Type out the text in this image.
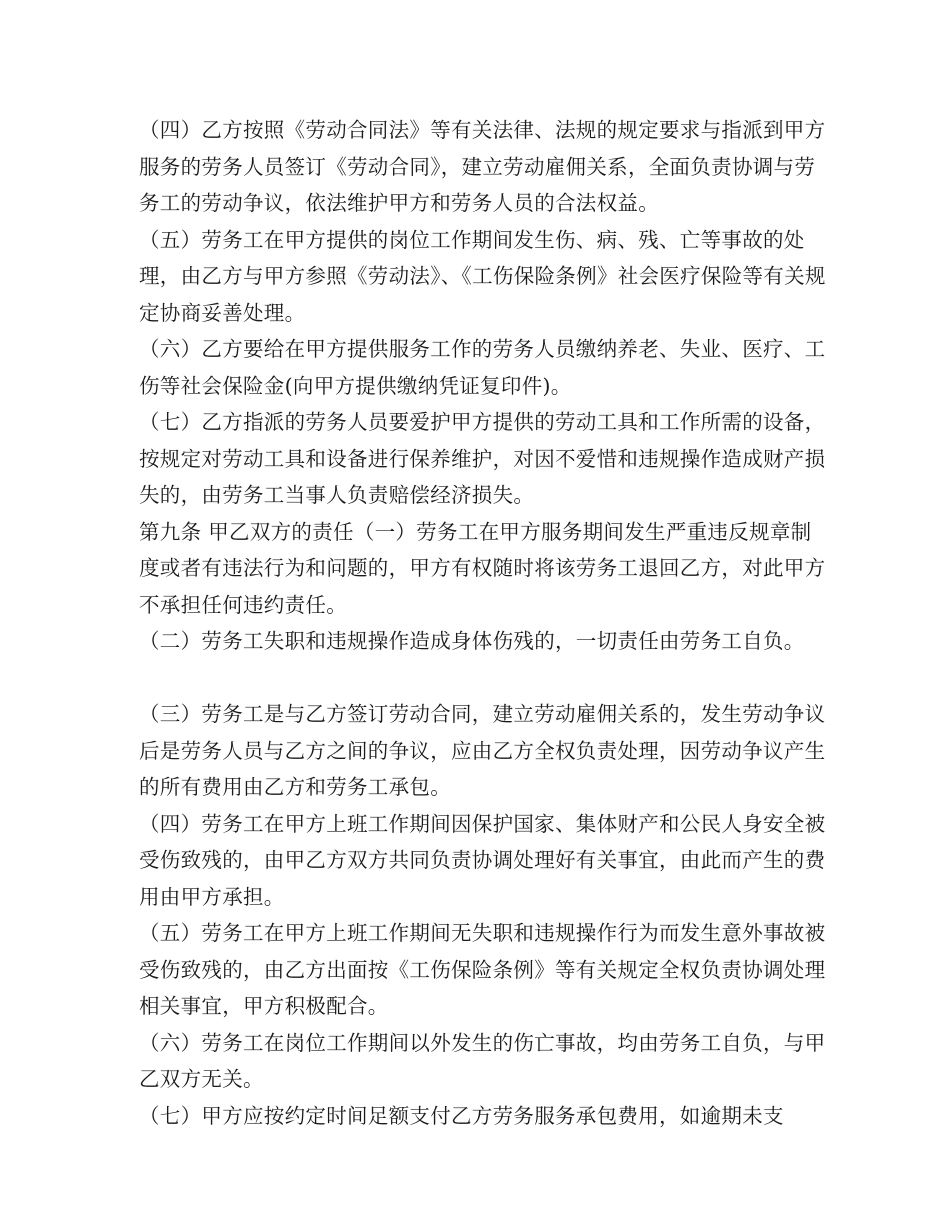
（四）乙方按照《劳动合同法》等有关法律、法规的规定要求与指派到甲方服务的劳务人员签订《劳动合同》，建立劳动雇佣关系，全面负责协调与劳务工的劳动争议，依法维护甲方和劳务人员的合法权益。

（五）劳务工在甲方提供的岗位工作期间发生伤、病、残、亡等事故的处理，由乙方与甲方参照《劳动法》、《工伤保险条例》社会医疗保险等有关规定协商妥善处理。

（六）乙方要给在甲方提供服务工作的劳务人员缴纳养老、失业、医疗、工伤等社会保险金(向甲方提供缴纳凭证复印件)。

（七）乙方指派的劳务人员要爱护甲方提供的劳动工具和工作所需的设备，按规定对劳动工具和设备进行保养维护，对因不爱惜和违规操作造成财产损失的，由劳务工当事人负责赔偿经济损失。

第九条 甲乙双方的责任（一）劳务工在甲方服务期间发生严重违反规章制度或者有违法行为和问题的，甲方有权随时将该劳务工退回乙方，对此甲方不承担任何违约责任。

（二）劳务工失职和违规操作造成身体伤残的，一切责任由劳务工自负。

（三）劳务工是与乙方签订劳动合同，建立劳动雇佣关系的，发生劳动争议后是劳务人员与乙方之间的争议，应由乙方全权负责处理，因劳动争议产生的所有费用由乙方和劳务工承包。

（四）劳务工在甲方上班工作期间因保护国家、集体财产和公民人身安全被受伤致残的，由甲乙方双方共同负责协调处理好有关事宜，由此而产生的费用由甲方承担。

（五）劳务工在甲方上班工作期间无失职和违规操作行为而发生意外事故被受伤致残的，由乙方出面按《工伤保险条例》等有关规定全权负责协调处理相关事宜，甲方积极配合。

（六）劳务工在岗位工作期间以外发生的伤亡事故，均由劳务工自负，与甲乙双方无关。

（七）甲方应按约定时间足额支付乙方劳务服务承包费用，如逾期未支
